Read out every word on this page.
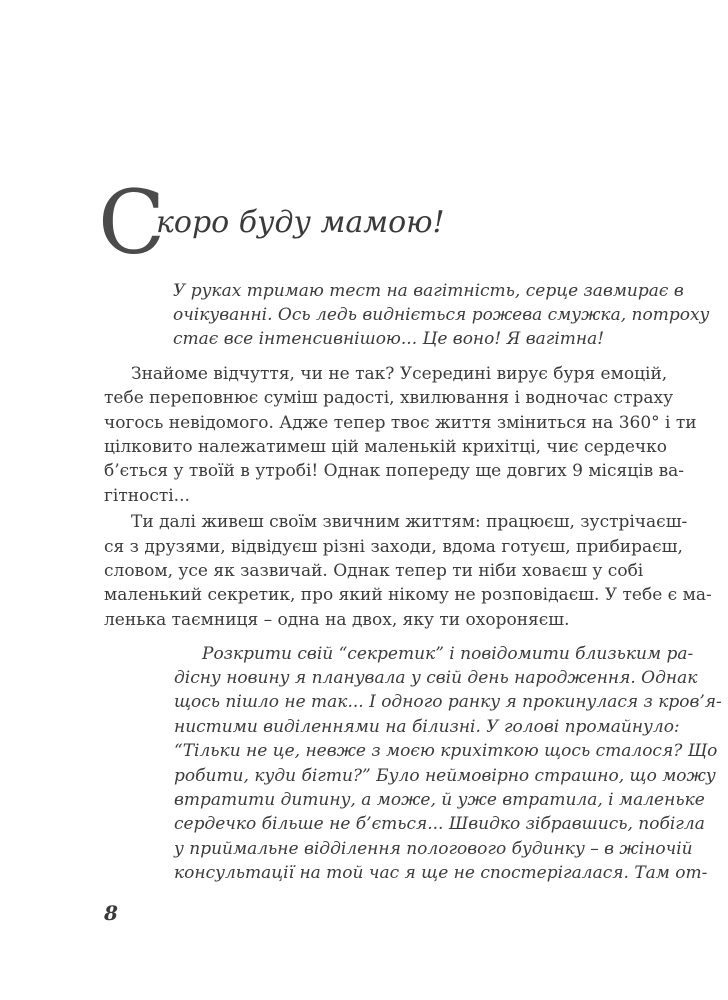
С
коро буду мамою!
У руках тримаю тест на вагітність, серце завмирає в
очікуванні. Ось ледь видніється рожева смужка, потроху
стає все інтенсивнішою... Це воно! Я вагітна!
Знайоме відчуття, чи не так? Усередині вирує буря емоцій,
тебе переповнює суміш радості, хвилювання і водночас страху
чогось невідомого. Адже тепер твоє життя зміниться на 360° і ти
цілковито належатимеш цій маленькій крихітці, чиє сердечко
б’ється у твоїй в утробі! Однак попереду ще довгих 9 місяців ва-
гітності...
Ти далі живеш своїм звичним життям: працюєш, зустрічаєш-
ся з друзями, відвідуєш різні заходи, вдома готуєш, прибираєш,
словом, усе як зазвичай. Однак тепер ти ніби ховаєш у собі
маленький секретик, про який нікому не розповідаєш. У тебе є ма-
ленька таємниця – одна на двох, яку ти охороняєш.
Розкрити свій “секретик” і повідомити близьким ра-
дісну новину я планувала у свій день народження. Однак
щось пішло не так... І одного ранку я прокинулася з кров’я-
нистими виділеннями на білизні. У голові промайнуло:
“Тільки не це, невже з моєю крихіткою щось сталося? Що
робити, куди бігти?” Було неймовірно страшно, що можу
втратити дитину, а може, й уже втратила, і маленьке
сердечко більше не б’ється... Швидко зібравшись, побігла
у приймальне відділення пологового будинку – в жіночій
консультації на той час я ще не спостерігалася. Там от-
8
